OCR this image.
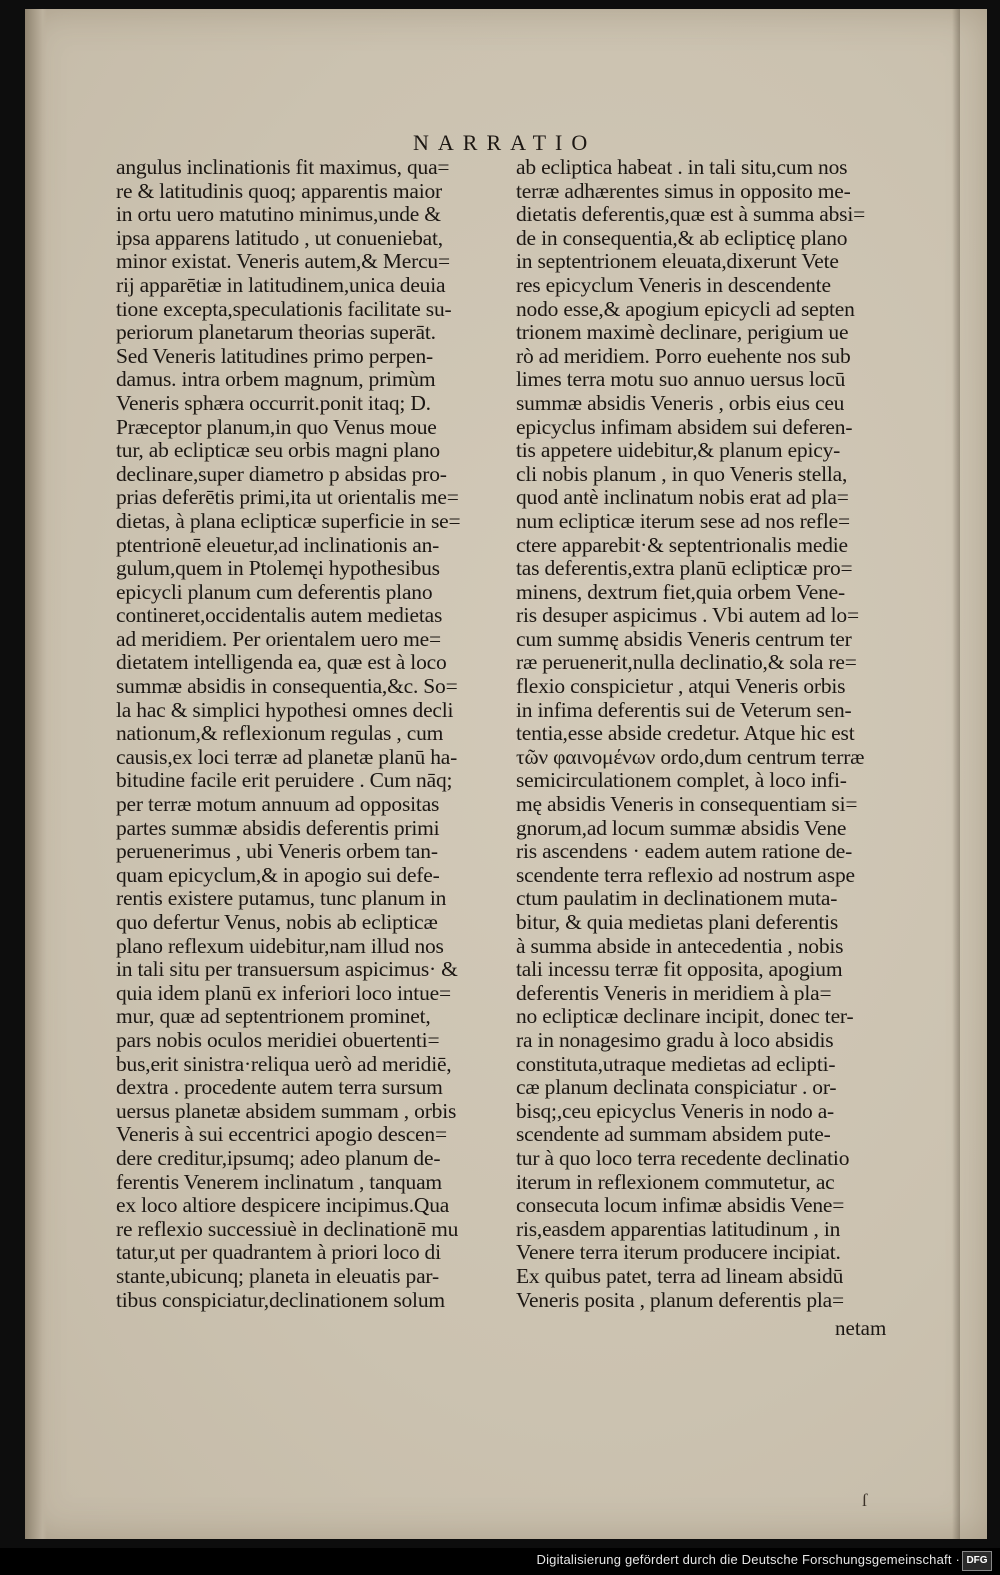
NARRATIO
angulus inclinationis fit maximus, qua=
re & latitudinis quoq; apparentis maior
in ortu uero matutino minimus,unde &
ipsa apparens latitudo , ut conueniebat,
minor existat. Veneris autem,& Mercu=
rij apparētiæ in latitudinem,unica deuia
tione excepta,speculationis facilitate su-
periorum planetarum theorias superāt.
Sed Veneris latitudines primo perpen-
damus. intra orbem magnum, primùm
Veneris sphæra occurrit.ponit itaq; D.
Præceptor planum,in quo Venus moue
tur, ab eclipticæ seu orbis magni plano
declinare,super diametro p absidas pro-
prias deferētis primi,ita ut orientalis me=
dietas, à plana eclipticæ superficie in se=
ptentrionē eleuetur,ad inclinationis an-
gulum,quem in Ptolemęi hypothesibus
epicycli planum cum deferentis plano
contineret,occidentalis autem medietas
ad meridiem. Per orientalem uero me=
dietatem intelligenda ea, quæ est à loco
summæ absidis in consequentia,&c. So=
la hac & simplici hypothesi omnes decli
nationum,& reflexionum regulas , cum
causis,ex loci terræ ad planetæ planū ha-
bitudine facile erit peruidere . Cum nāq;
per terræ motum annuum ad oppositas
partes summæ absidis deferentis primi
peruenerimus , ubi Veneris orbem tan-
quam epicyclum,& in apogio sui defe-
rentis existere putamus, tunc planum in
quo defertur Venus, nobis ab eclipticæ
plano reflexum uidebitur,nam illud nos
in tali situ per transuersum aspicimus· &
quia idem planū ex inferiori loco intue=
mur, quæ ad septentrionem prominet,
pars nobis oculos meridiei obuertenti=
bus,erit sinistra·reliqua uerò ad meridiē,
dextra . procedente autem terra sursum
uersus planetæ absidem summam , orbis
Veneris à sui eccentrici apogio descen=
dere creditur,ipsumq; adeo planum de-
ferentis Venerem inclinatum , tanquam
ex loco altiore despicere incipimus.Qua
re reflexio successiuè in declinationē mu
tatur,ut per quadrantem à priori loco di
stante,ubicunq; planeta in eleuatis par-
tibus conspiciatur,declinationem solum
ab ecliptica habeat . in tali situ,cum nos
terræ adhærentes simus in opposito me-
dietatis deferentis,quæ est à summa absi=
de in consequentia,& ab eclipticę plano
in septentrionem eleuata,dixerunt Vete
res epicyclum Veneris in descendente
nodo esse,& apogium epicycli ad septen
trionem maximè declinare, perigium ue
rò ad meridiem. Porro euehente nos sub
limes terra motu suo annuo uersus locū
summæ absidis Veneris , orbis eius ceu
epicyclus infimam absidem sui deferen-
tis appetere uidebitur,& planum epicy-
cli nobis planum , in quo Veneris stella,
quod antè inclinatum nobis erat ad pla=
num eclipticæ iterum sese ad nos refle=
ctere apparebit·& septentrionalis medie
tas deferentis,extra planū eclipticæ pro=
minens, dextrum fiet,quia orbem Vene-
ris desuper aspicimus . Vbi autem ad lo=
cum summę absidis Veneris centrum ter
ræ peruenerit,nulla declinatio,& sola re=
flexio conspicietur , atqui Veneris orbis
in infima deferentis sui de Veterum sen-
tentia,esse abside credetur. Atque hic est
τῶν φαινομένων ordo,dum centrum terræ
semicirculationem complet, à loco infi-
mę absidis Veneris in consequentiam si=
gnorum,ad locum summæ absidis Vene
ris ascendens · eadem autem ratione de-
scendente terra reflexio ad nostrum aspe
ctum paulatim in declinationem muta-
bitur, & quia medietas plani deferentis
à summa abside in antecedentia , nobis
tali incessu terræ fit opposita, apogium
deferentis Veneris in meridiem à pla=
no eclipticæ declinare incipit, donec ter-
ra in nonagesimo gradu à loco absidis
constituta,utraque medietas ad eclipti-
cæ planum declinata conspiciatur . or-
bisq;,ceu epicyclus Veneris in nodo a-
scendente ad summam absidem pute-
tur à quo loco terra recedente declinatio
iterum in reflexionem commutetur, ac
consecuta locum infimæ absidis Vene=
ris,easdem apparentias latitudinum , in
Venere terra iterum producere incipiat.
Ex quibus patet, terra ad lineam absidū
Veneris posita , planum deferentis pla=
netam
ſ
Digitalisierung gefördert durch die Deutsche Forschungsgemeinschaft · DFG
